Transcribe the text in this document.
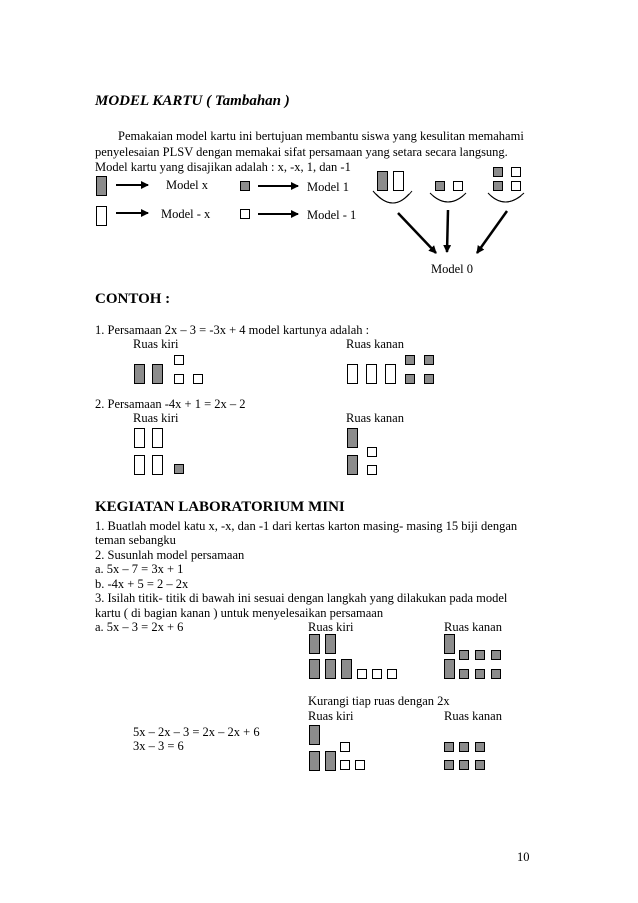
MODEL KARTU ( Tambahan )
Pemakaian model kartu ini bertujuan membantu siswa yang kesulitan memahami
penyelesaian PLSV dengan memakai sifat persamaan yang setara secara langsung.
Model kartu yang disajikan adalah : x, -x, 1, dan -1
Model x
Model - x
Model 1
Model - 1
Model 0
CONTOH :
1. Persamaan 2x – 3 = -3x + 4 model kartunya adalah :
Ruas kiri	Ruas kanan
2. Persamaan -4x + 1 = 2x – 2
Ruas kiri	Ruas kanan
KEGIATAN LABORATORIUM MINI
1. Buatlah model katu x, -x, dan -1 dari kertas karton masing- masing 15 biji dengan
teman sebangku
2. Susunlah model persamaan
a. 5x – 7 = 3x + 1
b. -4x + 5 = 2 – 2x
3. Isilah titik- titik di bawah ini sesuai dengan langkah yang dilakukan pada model
kartu ( di bagian kanan ) untuk menyelesaikan persamaan
a. 5x – 3 = 2x + 6	Ruas kiri	Ruas kanan
Kurangi tiap ruas dengan 2x
Ruas kiri	Ruas kanan
5x – 2x – 3 = 2x – 2x + 6
3x – 3 = 6
10
